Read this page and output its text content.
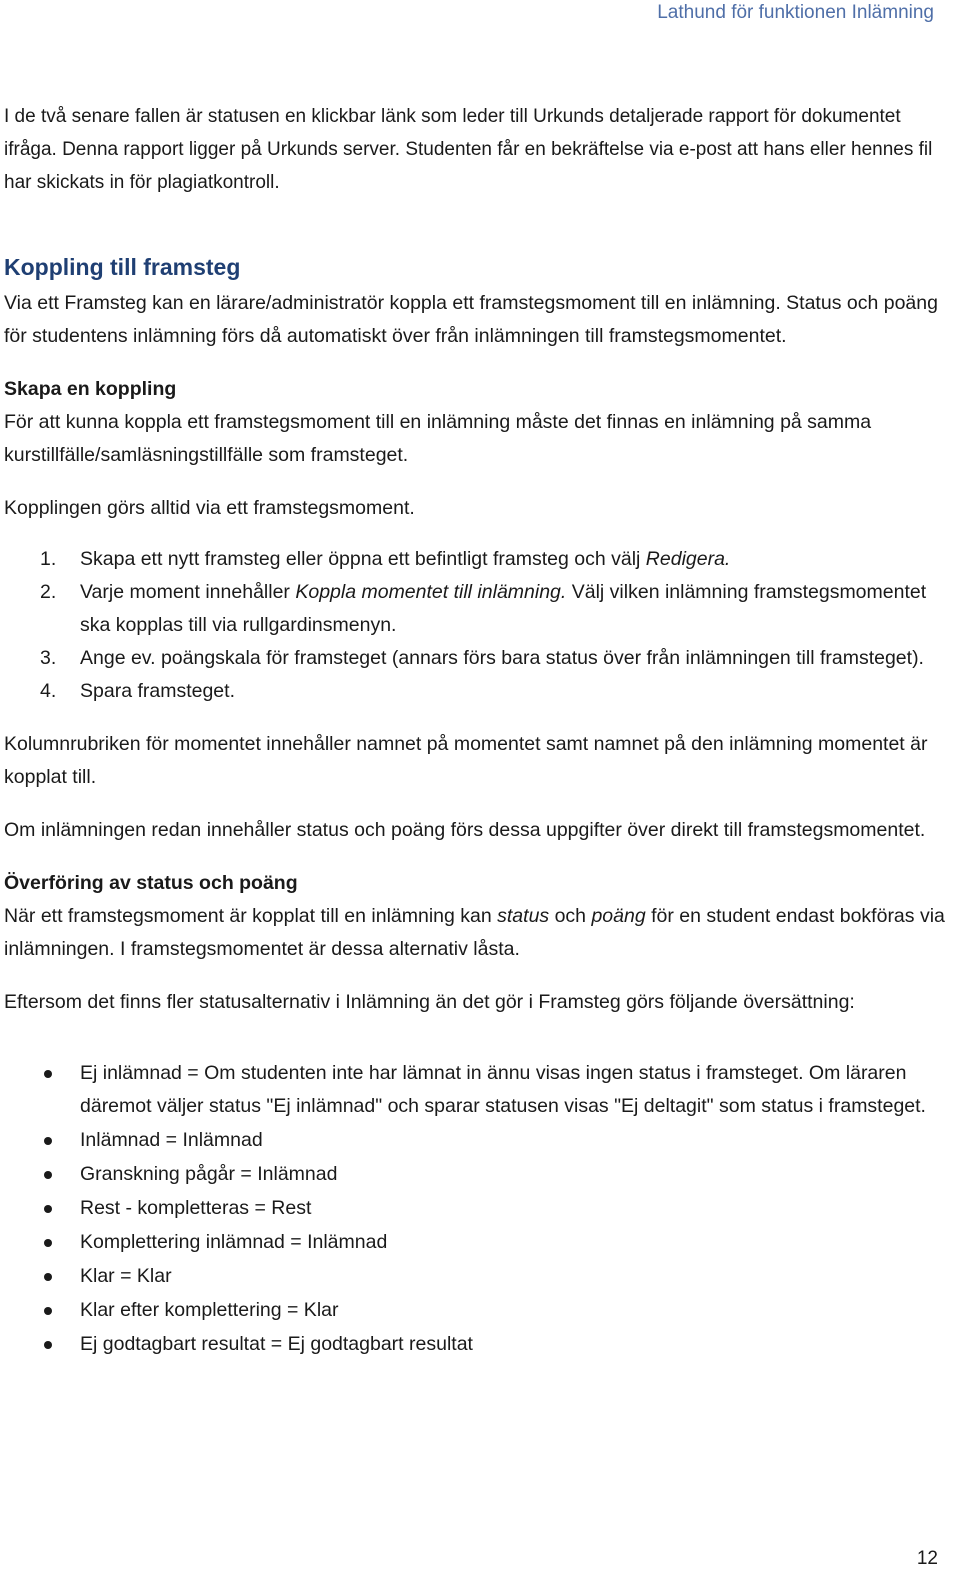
Lathund för funktionen Inlämning

I de två senare fallen är statusen en klickbar länk som leder till Urkunds detaljerade rapport för dokumentet ifråga. Denna rapport ligger på Urkunds server. Studenten får en bekräftelse via e-post att hans eller hennes fil har skickats in för plagiatkontroll.

Koppling till framsteg

Via ett Framsteg kan en lärare/administratör koppla ett framstegsmoment till en inlämning. Status och poäng för studentens inlämning förs då automatiskt över från inlämningen till framstegsmomentet.

Skapa en koppling

För att kunna koppla ett framstegsmoment till en inlämning måste det finnas en inlämning på samma kurstillfälle/samläsningstillfälle som framsteget.

Kopplingen görs alltid via ett framstegsmoment.

1. Skapa ett nytt framsteg eller öppna ett befintligt framsteg och välj Redigera.
2. Varje moment innehåller Koppla momentet till inlämning. Välj vilken inlämning framstegsmomentet ska kopplas till via rullgardinsmenyn.
3. Ange ev. poängskala för framsteget (annars förs bara status över från inlämningen till framsteget).
4. Spara framsteget.

Kolumnrubriken för momentet innehåller namnet på momentet samt namnet på den inlämning momentet är kopplat till.

Om inlämningen redan innehåller status och poäng förs dessa uppgifter över direkt till framstegsmomentet.

Överföring av status och poäng

När ett framstegsmoment är kopplat till en inlämning kan status och poäng för en student endast bokföras via inlämningen. I framstegsmomentet är dessa alternativ låsta.

Eftersom det finns fler statusalternativ i Inlämning än det gör i Framsteg görs följande översättning:

Ej inlämnad = Om studenten inte har lämnat in ännu visas ingen status i framsteget. Om läraren däremot väljer status "Ej inlämnad" och sparar statusen visas "Ej deltagit" som status i framsteget.
Inlämnad = Inlämnad
Granskning pågår = Inlämnad
Rest - kompletteras = Rest
Komplettering inlämnad = Inlämnad
Klar = Klar
Klar efter komplettering = Klar
Ej godtagbart resultat = Ej godtagbart resultat
12
